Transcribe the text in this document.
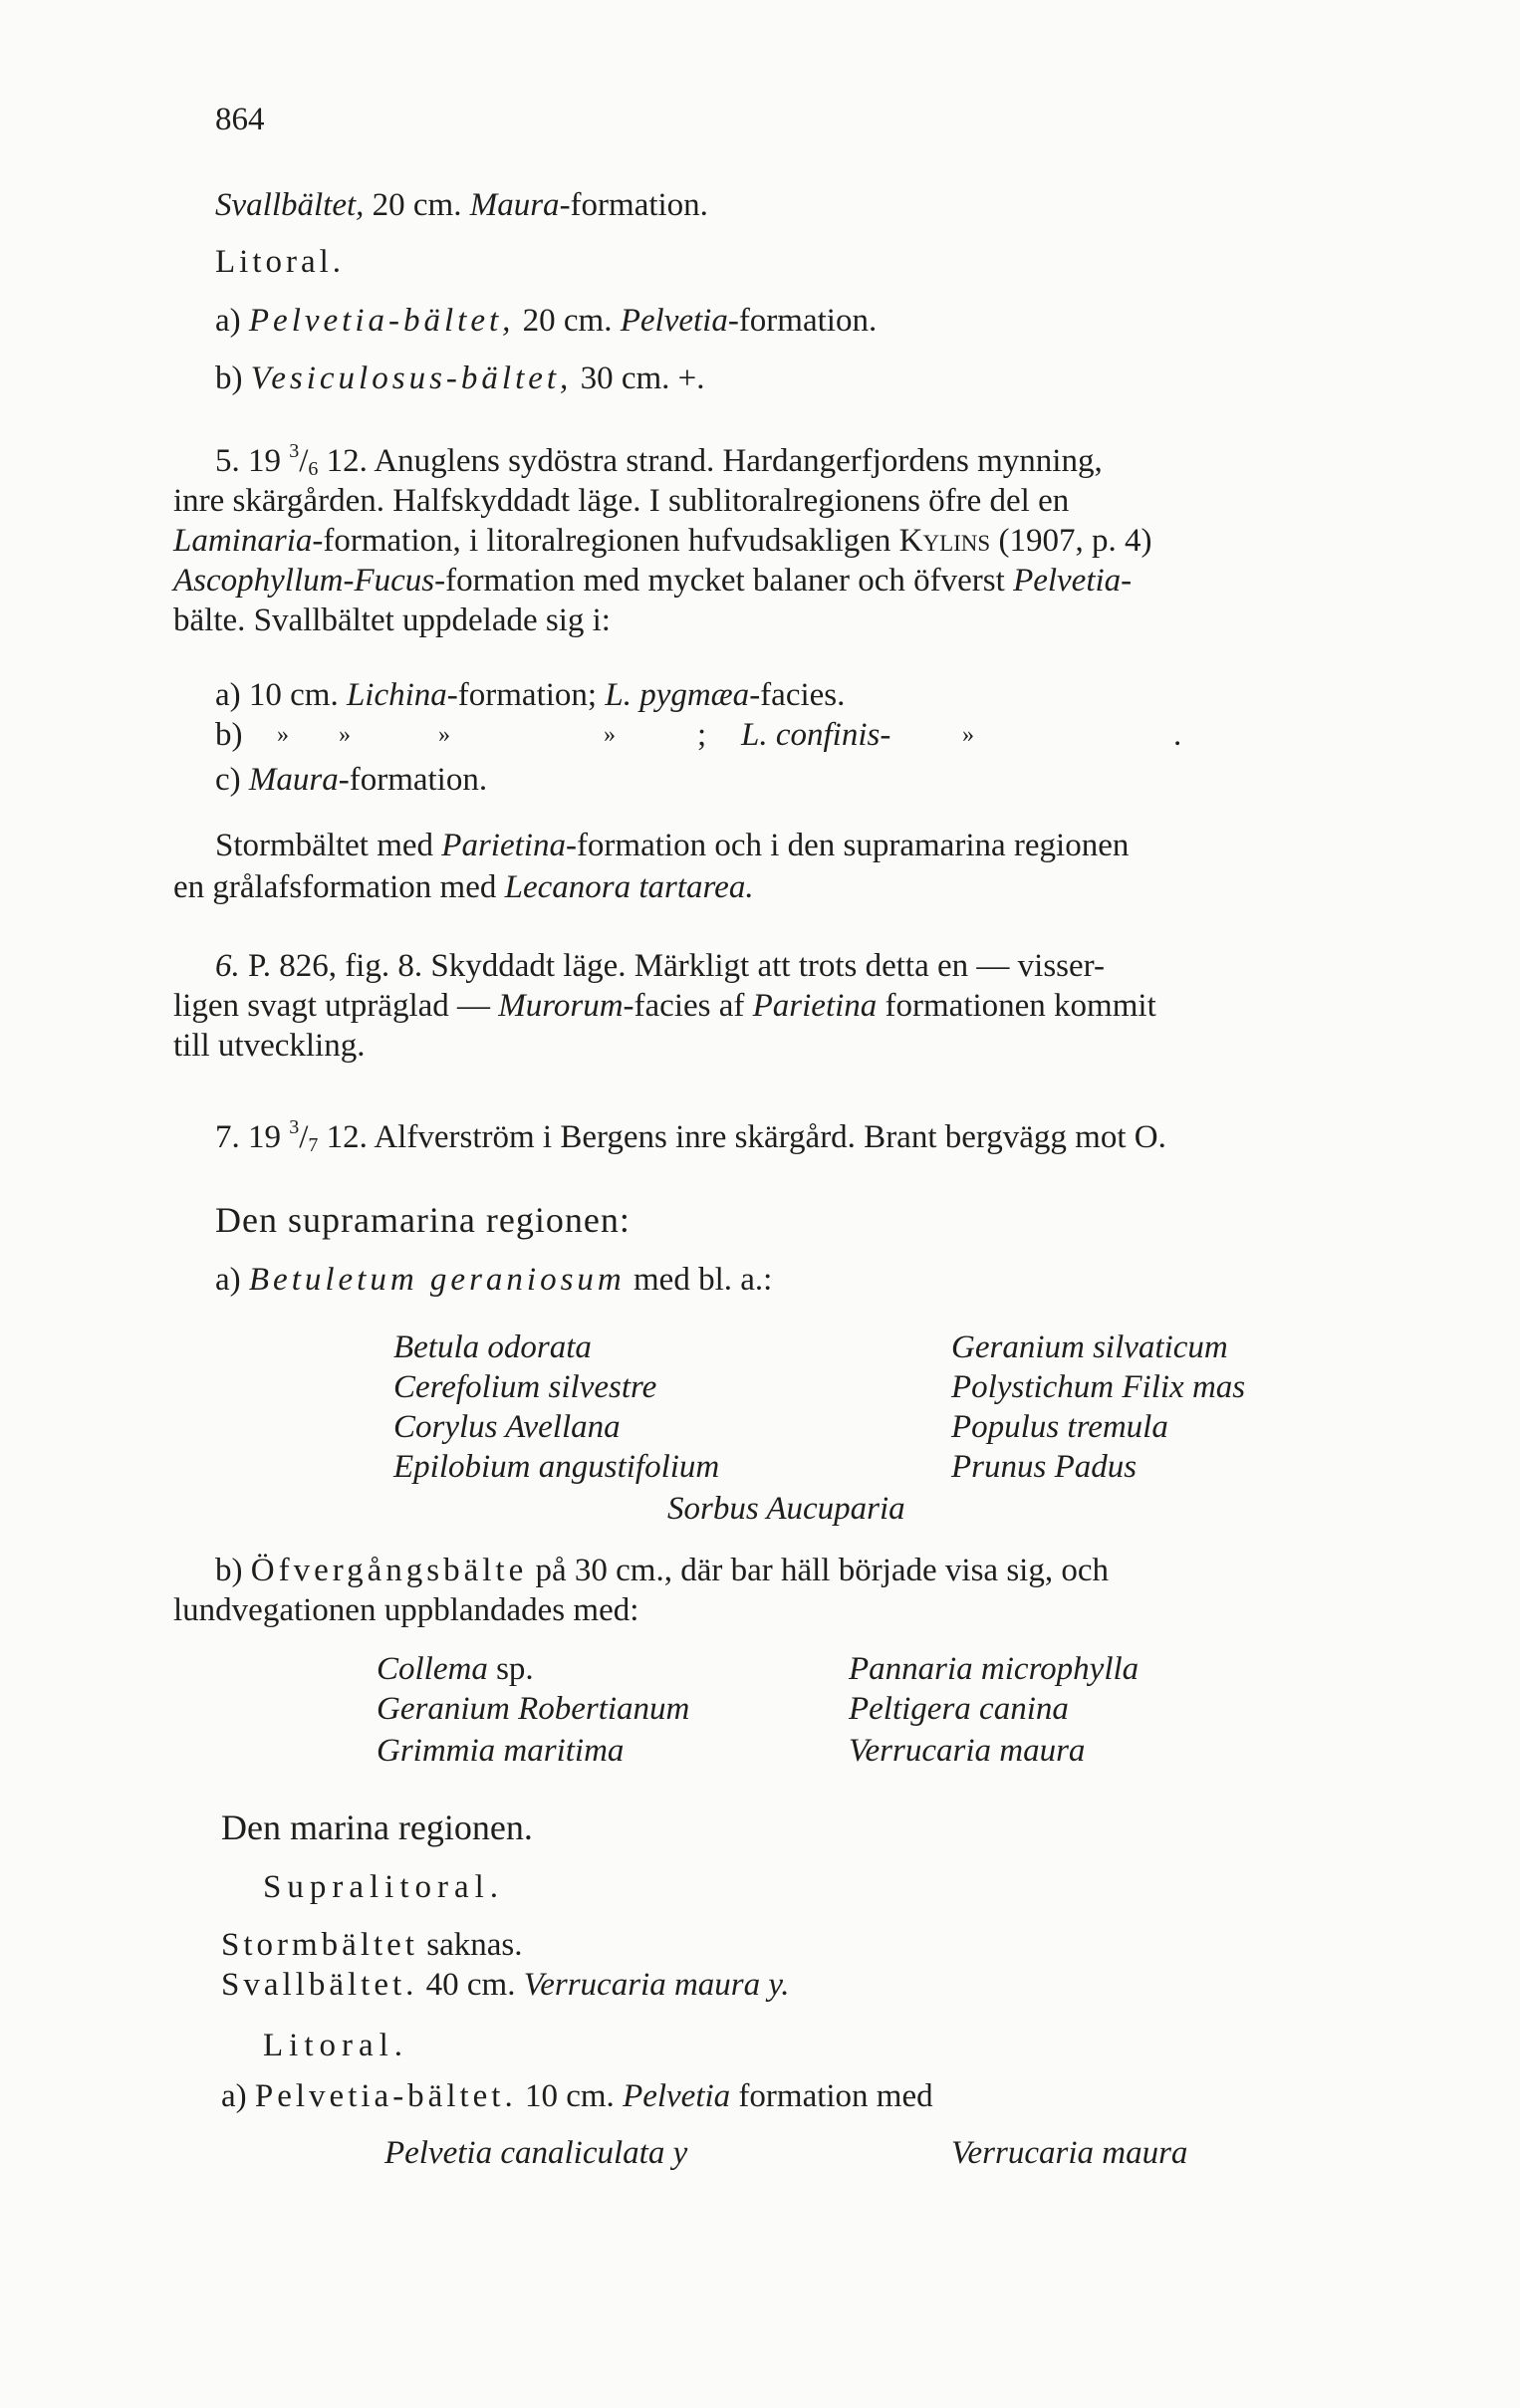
864
Svallbältet, 20 cm. Maura-formation.
Litoral.
a) Pelvetia-bältet, 20 cm. Pelvetia-formation.
b) Vesiculosus-bältet, 30 cm. +.
5. 19 $^3/_6$ 12. Anuglens sydöstra strand. Hardangerfjordens mynning,
inre skärgården. Halfskyddadt läge. I sublitoralregionens öfre del en
Laminaria-formation, i litoralregionen hufvudsakligen Kylins (1907, p. 4)
Ascophyllum-Fucus-formation med mycket balaner och öfverst Pelvetia-
bälte. Svallbältet uppdelade sig i:
a) 10 cm. Lichina-formation; L. pygmæa-facies.
b) » »	»	» ; L. confinis-	»	.
c) Maura-formation.
Stormbältet med Parietina-formation och i den supramarina regionen
en grålafsformation med Lecanora tartarea.
6. P. 826, fig. 8. Skyddadt läge. Märkligt att trots detta en — visser-
ligen svagt utpräglad — Murorum-facies af Parietina formationen kommit
till utveckling.
7. 19 $^3/_7$ 12. Alfverström i Bergens inre skärgård. Brant bergvägg mot O.
Den supramarina regionen:
a) Betuletum geraniosum med bl. a.:
Betula odorata	Geranium silvaticum
Cerefolium silvestre	Polystichum Filix mas
Corylus Avellana	Populus tremula
Epilobium angustifolium	Prunus Padus
Sorbus Aucuparia
b) Öfvergångsbälte på 30 cm., där bar häll började visa sig, och
lundvegationen uppblandades med:
Collema sp.	Pannaria microphylla
Geranium Robertianum	Peltigera canina
Grimmia maritima	Verrucaria maura
Den marina regionen.
Supralitoral.
Stormbältet saknas.
Svallbältet. 40 cm. Verrucaria maura y.
Litoral.
a) Pelvetia-bältet. 10 cm. Pelvetia formation med
Pelvetia canaliculata y	Verrucaria maura
